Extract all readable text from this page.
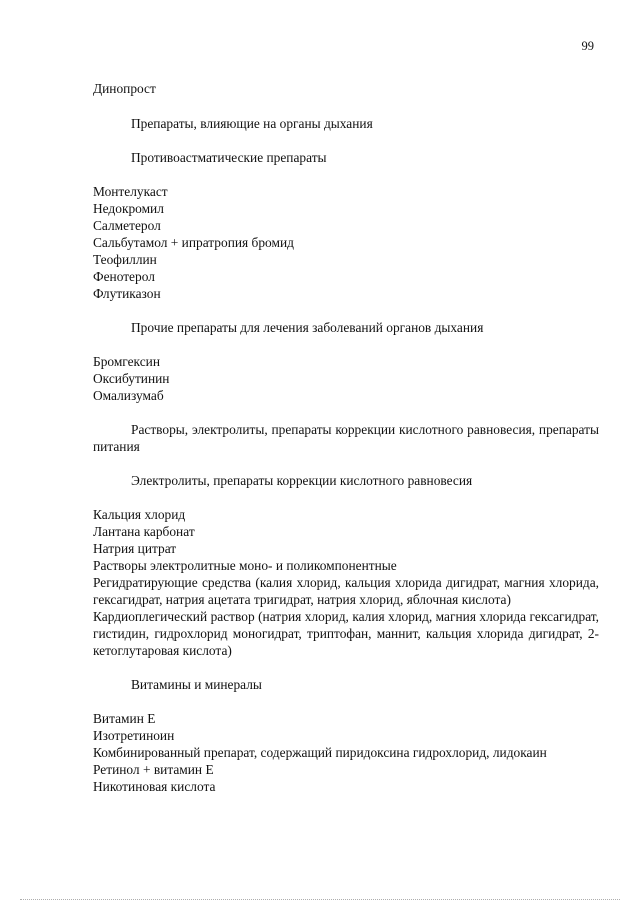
99

Динопрост

Препараты, влияющие на органы дыхания

Противоастматические препараты

Монтелукаст
Недокромил
Салметерол
Сальбутамол + ипратропия бромид
Теофиллин
Фенотерол
Флутиказон

Прочие препараты для лечения заболеваний органов дыхания

Бромгексин
Оксибутинин
Омализумаб

Растворы, электролиты, препараты коррекции кислотного равновесия, препараты питания

Электролиты, препараты коррекции кислотного равновесия

Кальция хлорид
Лантана карбонат
Натрия цитрат
Растворы электролитные моно- и поликомпонентные
Регидратирующие средства (калия хлорид, кальция хлорида дигидрат, магния хлорида, гексагидрат, натрия ацетата тригидрат, натрия хлорид, яблочная кислота)
Кардиоплегический раствор (натрия хлорид, калия хлорид, магния хлорида гексагидрат, гистидин, гидрохлорид моногидрат, триптофан, маннит, кальция хлорида дигидрат, 2-кетоглутаровая кислота)

Витамины и минералы

Витамин E
Изотретиноин
Комбинированный препарат, содержащий пиридоксина гидрохлорид, лидокаин
Ретинол + витамин E
Никотиновая кислота
